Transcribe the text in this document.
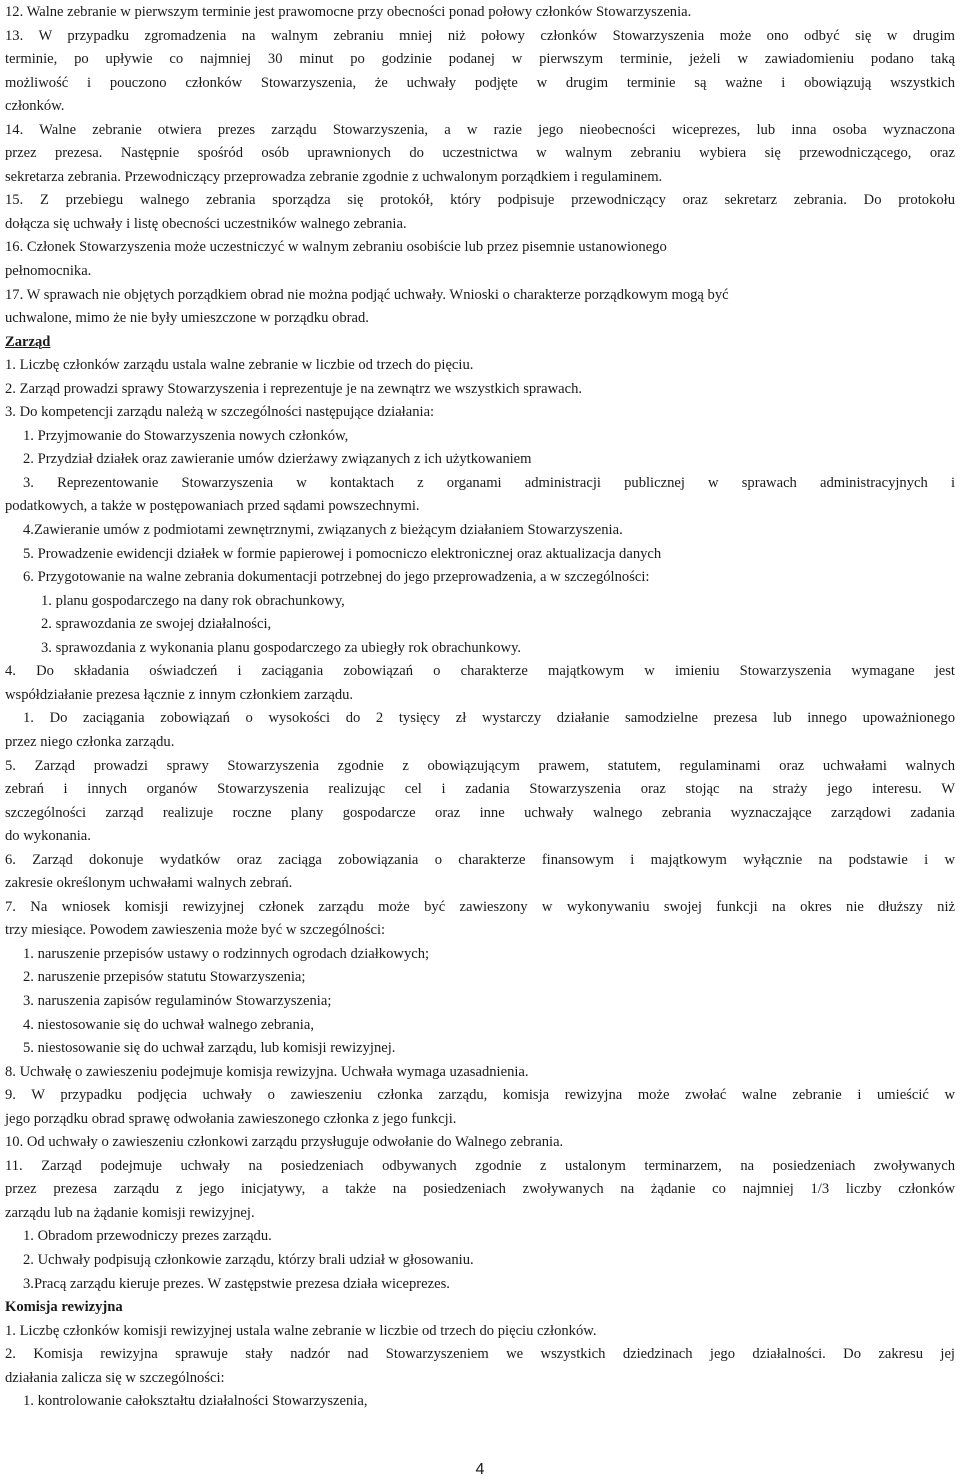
12. Walne zebranie w pierwszym terminie jest prawomocne przy obecności ponad połowy członków Stowarzyszenia.
13. W przypadku zgromadzenia na walnym zebraniu mniej niż połowy członków Stowarzyszenia może ono odbyć się w drugim
terminie, po upływie co najmniej 30 minut po godzinie podanej w pierwszym terminie, jeżeli w zawiadomieniu podano taką
możliwość i pouczono członków Stowarzyszenia, że uchwały podjęte w drugim terminie są ważne i obowiązują wszystkich
członków.
14. Walne zebranie otwiera prezes zarządu Stowarzyszenia, a w razie jego nieobecności wiceprezes, lub inna osoba wyznaczona
przez prezesa. Następnie spośród osób uprawnionych do uczestnictwa w walnym zebraniu wybiera się przewodniczącego, oraz
sekretarza zebrania. Przewodniczący przeprowadza zebranie zgodnie z uchwalonym porządkiem i regulaminem.
15. Z przebiegu walnego zebrania sporządza się protokół, który podpisuje przewodniczący oraz sekretarz zebrania. Do protokołu
dołącza się uchwały i listę obecności uczestników walnego zebrania.
16. Członek Stowarzyszenia może uczestniczyć w walnym zebraniu osobiście lub przez pisemnie ustanowionego
pełnomocnika.
17. W sprawach nie objętych porządkiem obrad nie można podjąć uchwały. Wnioski o charakterze porządkowym mogą być
uchwalone, mimo że nie były umieszczone w porządku obrad.
Zarząd
1. Liczbę członków zarządu ustala walne zebranie w liczbie od trzech do pięciu.
2. Zarząd prowadzi sprawy Stowarzyszenia i reprezentuje je na zewnątrz we wszystkich sprawach.
3. Do kompetencji zarządu należą w szczególności następujące działania:
1. Przyjmowanie do Stowarzyszenia nowych członków,
2. Przydział działek oraz zawieranie umów dzierżawy związanych z ich użytkowaniem
3. Reprezentowanie Stowarzyszenia w kontaktach z organami administracji publicznej w sprawach administracyjnych i
podatkowych, a także w postępowaniach przed sądami powszechnymi.
4.Zawieranie umów z podmiotami zewnętrznymi, związanych z bieżącym działaniem Stowarzyszenia.
5. Prowadzenie ewidencji działek w formie papierowej i pomocniczo elektronicznej oraz aktualizacja danych
6. Przygotowanie na walne zebrania dokumentacji potrzebnej do jego przeprowadzenia, a w szczególności:
1. planu gospodarczego na dany rok obrachunkowy,
2. sprawozdania ze swojej działalności,
3. sprawozdania z wykonania planu gospodarczego za ubiegły rok obrachunkowy.
4. Do składania oświadczeń i zaciągania zobowiązań o charakterze majątkowym w imieniu Stowarzyszenia wymagane jest
współdziałanie prezesa łącznie z innym członkiem zarządu.
1. Do zaciągania zobowiązań o wysokości do 2 tysięcy zł wystarczy działanie samodzielne prezesa lub innego upoważnionego
przez niego członka zarządu.
5. Zarząd prowadzi sprawy Stowarzyszenia zgodnie z obowiązującym prawem, statutem, regulaminami oraz uchwałami walnych
zebrań i innych organów Stowarzyszenia realizując cel i zadania Stowarzyszenia oraz stojąc na straży jego interesu. W
szczególności zarząd realizuje roczne plany gospodarcze oraz inne uchwały walnego zebrania wyznaczające zarządowi zadania
do wykonania.
6. Zarząd dokonuje wydatków oraz zaciąga zobowiązania o charakterze finansowym i majątkowym wyłącznie na podstawie i w
zakresie określonym uchwałami walnych zebrań.
7. Na wniosek komisji rewizyjnej członek zarządu może być zawieszony w wykonywaniu swojej funkcji na okres nie dłuższy niż
trzy miesiące. Powodem zawieszenia może być w szczególności:
1. naruszenie przepisów ustawy o rodzinnych ogrodach działkowych;
2. naruszenie przepisów statutu Stowarzyszenia;
3. naruszenia zapisów regulaminów Stowarzyszenia;
4. niestosowanie się do uchwał walnego zebrania,
5. niestosowanie się do uchwał zarządu, lub komisji rewizyjnej.
8. Uchwałę o zawieszeniu podejmuje komisja rewizyjna. Uchwała wymaga uzasadnienia.
9. W przypadku podjęcia uchwały o zawieszeniu członka zarządu, komisja rewizyjna może zwołać walne zebranie i umieścić w
jego porządku obrad sprawę odwołania zawieszonego członka z jego funkcji.
10. Od uchwały o zawieszeniu członkowi zarządu przysługuje odwołanie do Walnego zebrania.
11. Zarząd podejmuje uchwały na posiedzeniach odbywanych zgodnie z ustalonym terminarzem, na posiedzeniach zwoływanych
przez prezesa zarządu z jego inicjatywy, a także na posiedzeniach zwoływanych na żądanie co najmniej 1/3 liczby członków
zarządu lub na żądanie komisji rewizyjnej.
1. Obradom przewodniczy prezes zarządu.
2. Uchwały podpisują członkowie zarządu, którzy brali udział w głosowaniu.
3.Pracą zarządu kieruje prezes. W zastępstwie prezesa działa wiceprezes.
Komisja rewizyjna
1. Liczbę członków komisji rewizyjnej ustala walne zebranie w liczbie od trzech do pięciu członków.
2. Komisja rewizyjna sprawuje stały nadzór nad Stowarzyszeniem we wszystkich dziedzinach jego działalności. Do zakresu jej
działania zalicza się w szczególności:
1. kontrolowanie całokształtu działalności Stowarzyszenia,
4
